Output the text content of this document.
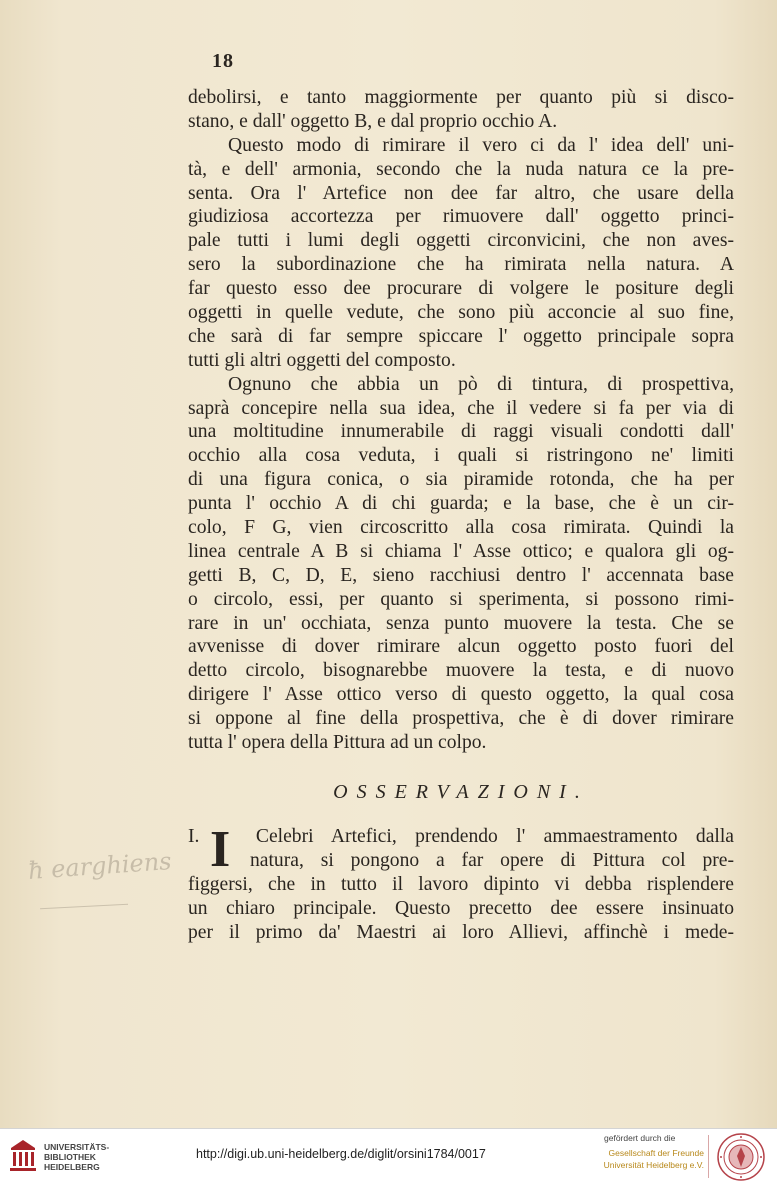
18
debolirsi, e tanto maggiormente per quanto più si disco-
stano, e dall' oggetto B, e dal proprio occhio A.
Questo modo di rimirare il vero ci da l' idea dell' uni-
tà, e dell' armonia, secondo che la nuda natura ce la pre-
senta. Ora l' Artefice non dee far altro, che usare della
giudiziosa accortezza per rimuovere dall' oggetto princi-
pale tutti i lumi degli oggetti circonvicini, che non aves-
sero la subordinazione che ha rimirata nella natura. A
far questo esso dee procurare di volgere le positure degli
oggetti in quelle vedute, che sono più acconcie al suo fine,
che sarà di far sempre spiccare l' oggetto principale sopra
tutti gli altri oggetti del composto.
Ognuno che abbia un pò di tintura, di prospettiva,
saprà concepire nella sua idea, che il vedere si fa per via di
una moltitudine innumerabile di raggi visuali condotti dall'
occhio alla cosa veduta, i quali si ristringono ne' limiti
di una figura conica, o sia piramide rotonda, che ha per
punta l' occhio A di chi guarda; e la base, che è un cir-
colo, F G, vien circoscritto alla cosa rimirata. Quindi la
linea centrale A B si chiama l' Asse ottico; e qualora gli og-
getti B, C, D, E, sieno racchiusi dentro l' accennata base
o circolo, essi, per quanto si sperimenta, si possono rimi-
rare in un' occhiata, senza punto muovere la testa. Che se
avvenisse di dover rimirare alcun oggetto posto fuori del
detto circolo, bisognarebbe muovere la testa, e di nuovo
dirigere l' Asse ottico verso di questo oggetto, la qual cosa
si oppone al fine della prospettiva, che è di dover rimirare
tutta l' opera della Pittura ad un colpo.
OSSERVAZIONI.
I.	Celebri Artefici, prendendo l' ammaestramento dalla
I	natura, si pongono a far opere di Pittura col pre-
figgersi, che in tutto il lavoro dipinto vi debba risplendere
un chiaro principale. Questo precetto dee essere insinuato
per il primo da' Maestri ai loro Allievi, affinchè i mede-
ħ earghiens
UNIVERSITÄTS-
BIBLIOTHEK
HEIDELBERG
http://digi.ub.uni-heidelberg.de/diglit/orsini1784/0017
gefördert durch die
Gesellschaft der Freunde
Universität Heidelberg e.V.
